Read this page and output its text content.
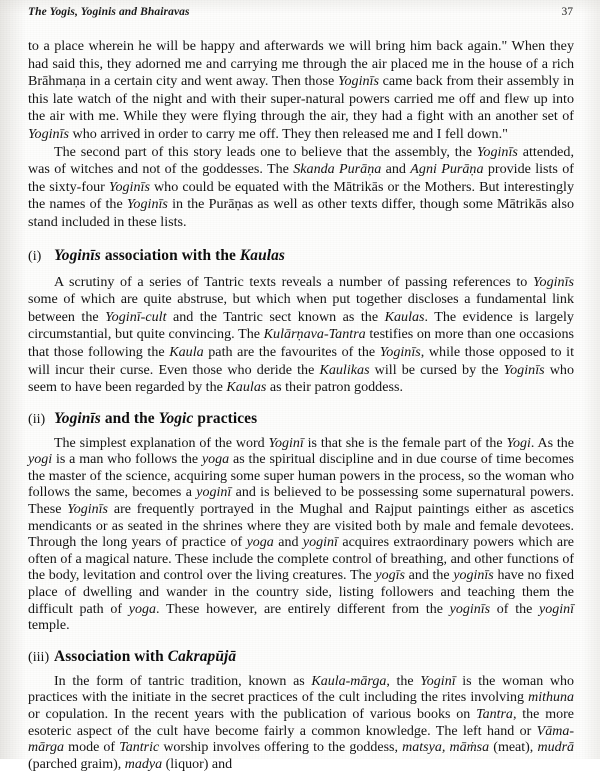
The Yogis, Yoginis and Bhairavas	37

to a place wherein he will be happy and afterwards we will bring him back again." When they had said this, they adorned me and carrying me through the air placed me in the house of a rich Brāhmaṇa in a certain city and went away. Then those Yoginīs came back from their assembly in this late watch of the night and with their super-natural powers carried me off and flew up into the air with me. While they were flying through the air, they had a fight with an another set of Yoginīs who arrived in order to carry me off. They then released me and I fell down."

The second part of this story leads one to believe that the assembly, the Yoginīs attended, was of witches and not of the goddesses. The Skanda Purāṇa and Agni Purāṇa provide lists of the sixty-four Yoginīs who could be equated with the Mātrikās or the Mothers. But interestingly the names of the Yoginīs in the Purāṇas as well as other texts differ, though some Mātrikās also stand included in these lists.

(i) Yoginīs association with the Kaulas

A scrutiny of a series of Tantric texts reveals a number of passing references to Yoginīs some of which are quite abstruse, but which when put together discloses a fundamental link between the Yoginī-cult and the Tantric sect known as the Kaulas. The evidence is largely circumstantial, but quite convincing. The Kulārṇava-Tantra testifies on more than one occasions that those following the Kaula path are the favourites of the Yoginīs, while those opposed to it will incur their curse. Even those who deride the Kaulikas will be cursed by the Yoginīs who seem to have been regarded by the Kaulas as their patron goddess.

(ii) Yoginīs and the Yogic practices

The simplest explanation of the word Yoginī is that she is the female part of the Yogi. As the yogi is a man who follows the yoga as the spiritual discipline and in due course of time becomes the master of the science, acquiring some super human powers in the process, so the woman who follows the same, becomes a yoginī and is believed to be possessing some supernatural powers. These Yoginīs are frequently portrayed in the Mughal and Rajput paintings either as ascetics mendicants or as seated in the shrines where they are visited both by male and female devotees. Through the long years of practice of yoga and yoginī acquires extraordinary powers which are often of a magical nature. These include the complete control of breathing, and other functions of the body, levitation and control over the living creatures. The yogīs and the yoginīs have no fixed place of dwelling and wander in the country side, listing followers and teaching them the difficult path of yoga. These however, are entirely different from the yoginīs of the yoginī temple.

(iii) Association with Cakrapūjā

In the form of tantric tradition, known as Kaula-mārga, the Yoginī is the woman who practices with the initiate in the secret practices of the cult including the rites involving mithuna or copulation. In the recent years with the publication of various books on Tantra, the more esoteric aspect of the cult have become fairly a common knowledge. The left hand or Vāma-mārga mode of Tantric worship involves offering to the goddess, matsya, māṁsa (meat), mudrā (parched graim), madya (liquor) and
